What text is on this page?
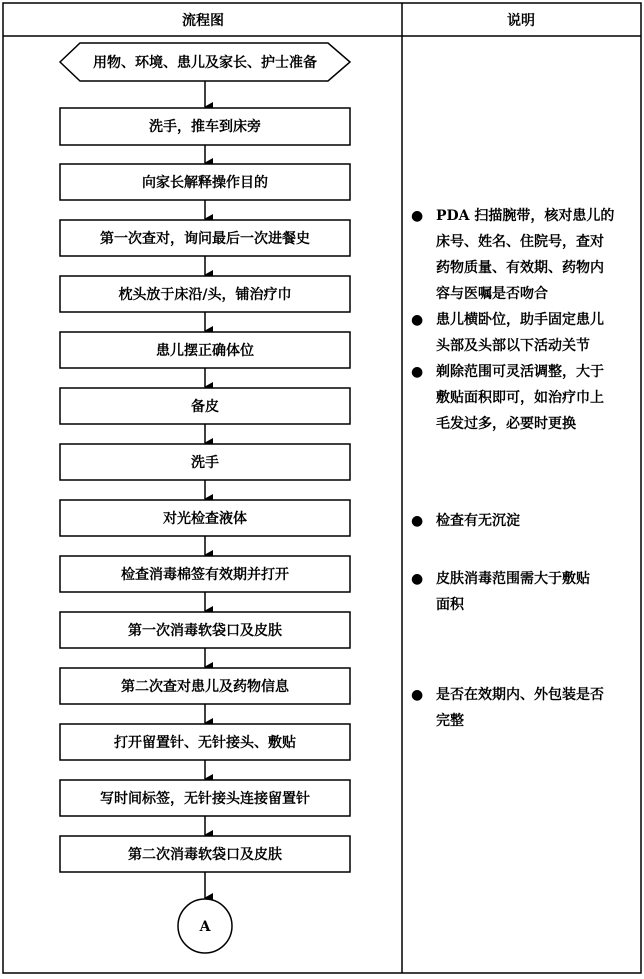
流程图	说明
用物、环境、患儿及家长、护士准备
洗手，推车到床旁
向家长解释操作目的
第一次查对，询问最后一次进餐史
枕头放于床沿/头，铺治疗巾
患儿摆正确体位
备皮
洗手
对光检查液体
检查消毒棉签有效期并打开
第一次消毒软袋口及皮肤
第二次查对患儿及药物信息
打开留置针、无针接头、敷贴
写时间标签，无针接头连接留置针
第二次消毒软袋口及皮肤
A
● PDA 扫描腕带，核对患儿的
床号、姓名、住院号，查对
药物质量、有效期、药物内
容与医嘱是否吻合
● 患儿横卧位，助手固定患儿
头部及头部以下活动关节
● 剃除范围可灵活调整，大于
敷贴面积即可，如治疗巾上
毛发过多，必要时更换
● 检查有无沉淀
● 皮肤消毒范围需大于敷贴
面积
● 是否在效期内、外包装是否
完整
